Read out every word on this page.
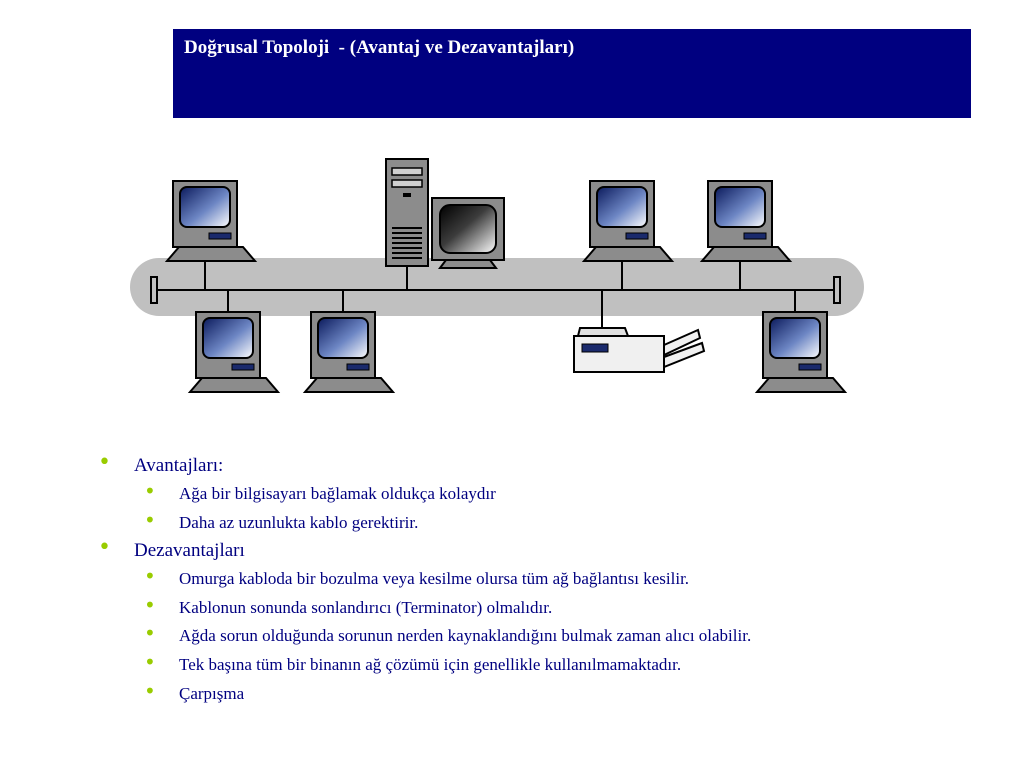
Doğrusal Topoloji  - (Avantaj ve Dezavantajları)
• Avantajları:
• Ağa bir bilgisayarı bağlamak oldukça kolaydır
• Daha az uzunlukta kablo gerektirir.
• Dezavantajları
• Omurga kabloda bir bozulma veya kesilme olursa tüm ağ bağlantısı kesilir.
• Kablonun sonunda sonlandırıcı (Terminator) olmalıdır.
• Ağda sorun olduğunda sorunun nerden kaynaklandığını bulmak zaman alıcı olabilir.
• Tek başına tüm bir binanın ağ çözümü için genellikle kullanılmamaktadır.
• Çarpışma
